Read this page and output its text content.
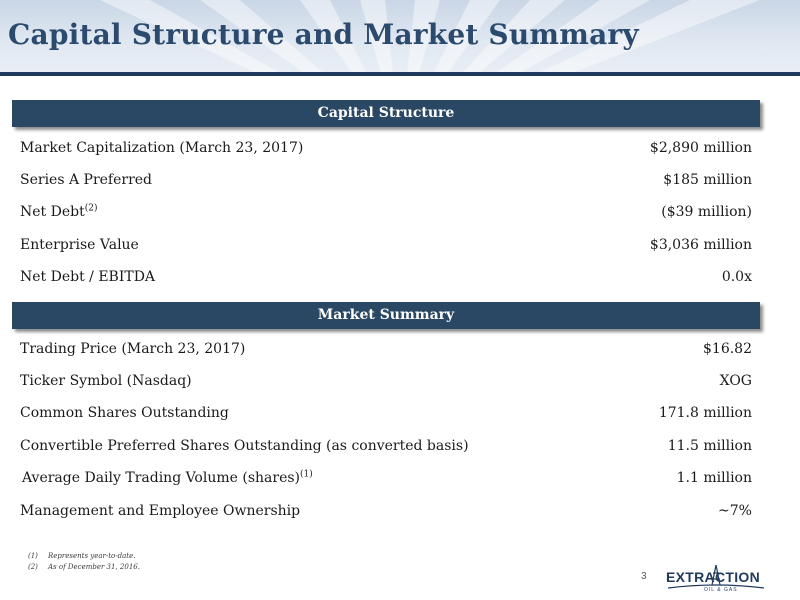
Capital Structure and Market Summary
Capital Structure
Market Capitalization (March 23, 2017)	$2,890 million
Series A Preferred	$185 million
Net Debt$^{(2)}$	($39 million)
Enterprise Value	$3,036 million
Net Debt / EBITDA	0.0x
Market Summary
Trading Price (March 23, 2017)	$16.82
Ticker Symbol (Nasdaq)	XOG
Common Shares Outstanding	171.8 million
Convertible Preferred Shares Outstanding (as converted basis)	11.5 million
Average Daily Trading Volume (shares)$^{(1)}$	1.1 million
Management and Employee Ownership	~7%
(1)	Represents year-to-date.
(2)	As of December 31, 2016.
3 EXTRACTION
OIL & GAS
